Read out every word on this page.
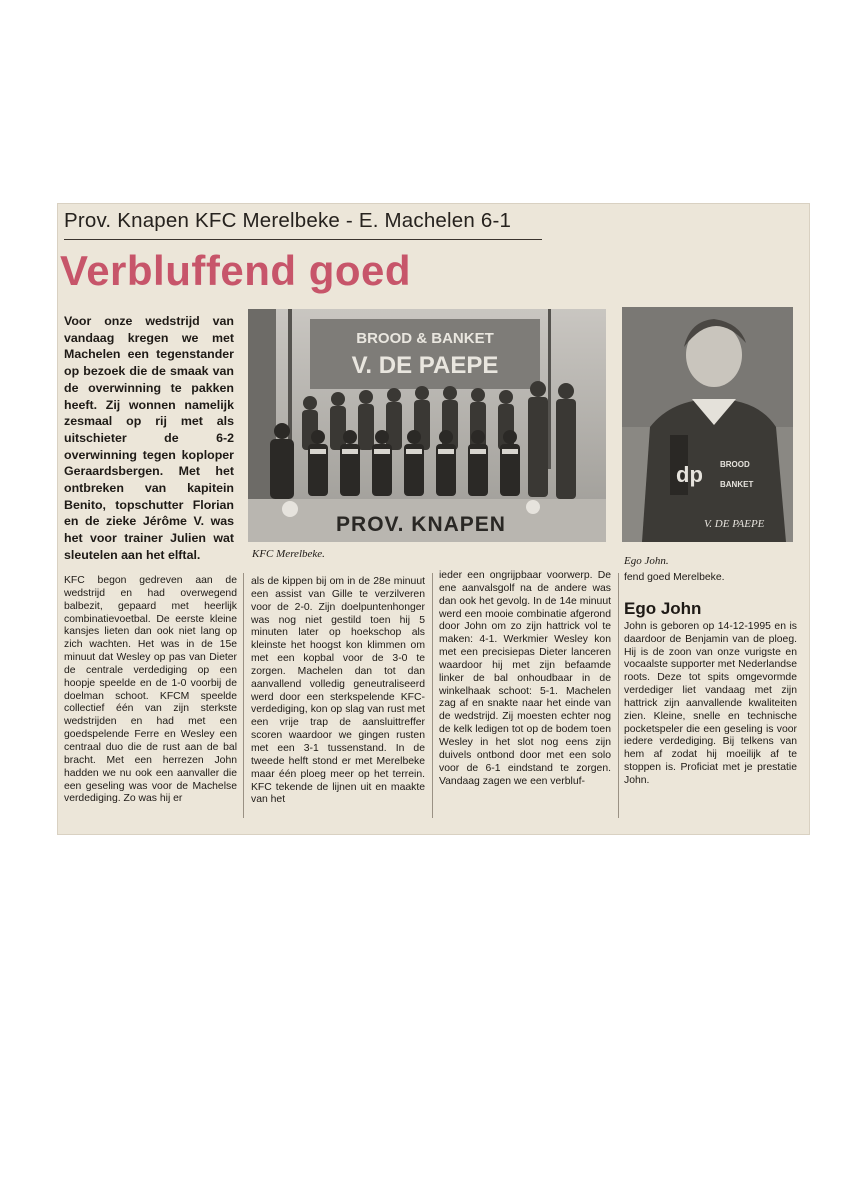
Prov. Knapen KFC Merelbeke - E. Machelen 6-1
Verbluffend goed

Voor onze wedstrijd van vandaag kregen we met Machelen een tegenstander op bezoek die de smaak van de overwinning te pakken heeft. Zij wonnen namelijk zesmaal op rij met als uitschieter de 6-2 overwinning tegen koploper Geraardsbergen. Met het ontbreken van kapitein Benito, topschutter Florian en de zieke Jérôme V. was het voor trainer Julien wat sleutelen aan het elftal.

BROOD & BANKET
V. DE PAEPE
PROV. KNAPEN
KFC Merelbeke.
dp BROOD
BANKET
V. DE PAEPE
Ego John.

KFC begon gedreven aan de wedstrijd en had overwegend balbezit, gepaard met heerlijk combinatievoetbal. De eerste kleine kansjes lieten dan ook niet lang op zich wachten. Het was in de 15e minuut dat Wesley op pas van Dieter de centrale verdediging op een hoopje speelde en de 1-0 voorbij de doelman schoot. KFCM speelde collectief één van zijn sterkste wedstrijden en had met een goedspelende Ferre en Wesley een centraal duo die de rust aan de bal bracht. Met een herrezen John hadden we nu ook een aanvaller die een geseling was voor de Machelse verdediging. Zo was hij er

als de kippen bij om in de 28e minuut een assist van Gille te verzilveren voor de 2-0. Zijn doelpuntenhonger was nog niet gestild toen hij 5 minuten later op hoekschop als kleinste het hoogst kon klimmen om met een kopbal voor de 3-0 te zorgen. Machelen dan tot dan aanvallend volledig geneutraliseerd werd door een sterkspelende KFC-verdediging, kon op slag van rust met een vrije trap de aansluittreffer scoren waardoor we gingen rusten met een 3-1 tussenstand. In de tweede helft stond er met Merelbeke maar één ploeg meer op het terrein. KFC tekende de lijnen uit en maakte van het

ieder een ongrijpbaar voorwerp. De ene aanvalsgolf na de andere was dan ook het gevolg. In de 14e minuut werd een mooie combinatie afgerond door John om zo zijn hattrick vol te maken: 4-1. Werkmier Wesley kon met een precisiepas Dieter lanceren waardoor hij met zijn befaamde linker de bal onhoudbaar in de winkelhaak schoot: 5-1. Machelen zag af en snakte naar het einde van de wedstrijd. Zij moesten echter nog de kelk ledigen tot op de bodem toen Wesley in het slot nog eens zijn duivels ontbond door met een solo voor de 6-1 eindstand te zorgen. Vandaag zagen we een verbluf-

fend goed Merelbeke.

Ego John

John is geboren op 14-12-1995 en is daardoor de Benjamin van de ploeg. Hij is de zoon van onze vurigste en vocaalste supporter met Nederlandse roots. Deze tot spits omgevormde verdediger liet vandaag met zijn hattrick zijn aanvallende kwaliteiten zien. Kleine, snelle en technische pocketspeler die een geseling is voor iedere verdediging. Bij telkens van hem af zodat hij moeilijk af te stoppen is. Proficiat met je prestatie John.
